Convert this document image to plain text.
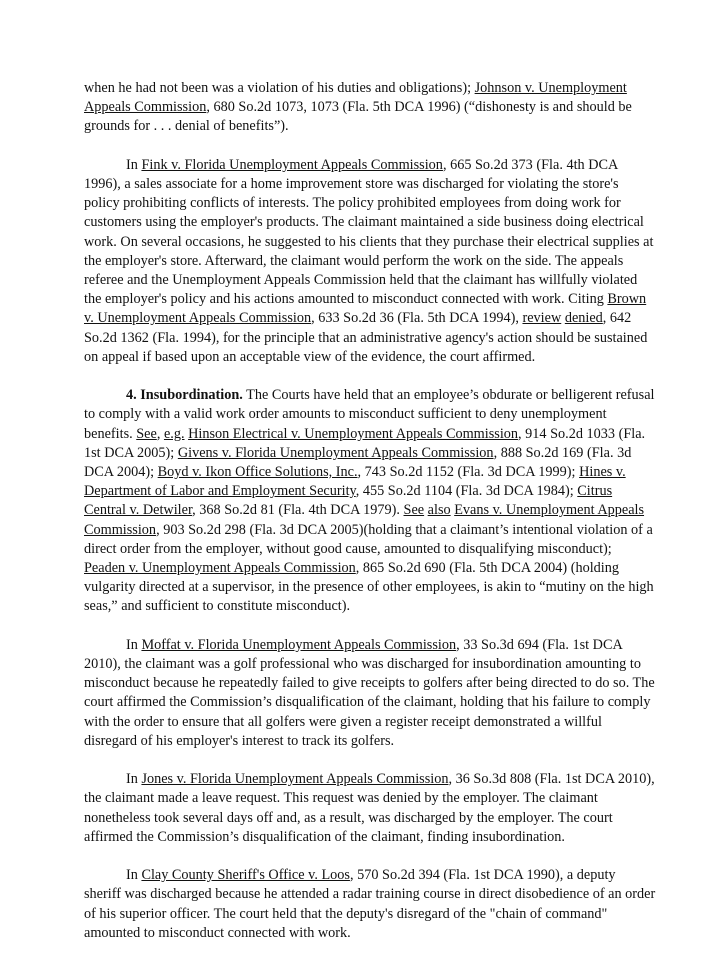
when he had not been was a violation of his duties and obligations); Johnson v. Unemployment Appeals Commission, 680 So.2d 1073, 1073 (Fla. 5th DCA 1996) (“dishonesty is and should be grounds for . . . denial of benefits”).

In Fink v. Florida Unemployment Appeals Commission, 665 So.2d 373 (Fla. 4th DCA 1996), a sales associate for a home improvement store was discharged for violating the store's policy prohibiting conflicts of interests. The policy prohibited employees from doing work for customers using the employer's products. The claimant maintained a side business doing electrical work. On several occasions, he suggested to his clients that they purchase their electrical supplies at the employer's store. Afterward, the claimant would perform the work on the side. The appeals referee and the Unemployment Appeals Commission held that the claimant has willfully violated the employer's policy and his actions amounted to misconduct connected with work. Citing Brown v. Unemployment Appeals Commission, 633 So.2d 36 (Fla. 5th DCA 1994), review denied, 642 So.2d 1362 (Fla. 1994), for the principle that an administrative agency's action should be sustained on appeal if based upon an acceptable view of the evidence, the court affirmed.

4. Insubordination. The Courts have held that an employee’s obdurate or belligerent refusal to comply with a valid work order amounts to misconduct sufficient to deny unemployment benefits. See, e.g. Hinson Electrical v. Unemployment Appeals Commission, 914 So.2d 1033 (Fla. 1st DCA 2005); Givens v. Florida Unemployment Appeals Commission, 888 So.2d 169 (Fla. 3d DCA 2004); Boyd v. Ikon Office Solutions, Inc., 743 So.2d 1152 (Fla. 3d DCA 1999); Hines v. Department of Labor and Employment Security, 455 So.2d 1104 (Fla. 3d DCA 1984); Citrus Central v. Detwiler, 368 So.2d 81 (Fla. 4th DCA 1979). See also Evans v. Unemployment Appeals Commission, 903 So.2d 298 (Fla. 3d DCA 2005)(holding that a claimant’s intentional violation of a direct order from the employer, without good cause, amounted to disqualifying misconduct); Peaden v. Unemployment Appeals Commission, 865 So.2d 690 (Fla. 5th DCA 2004) (holding vulgarity directed at a supervisor, in the presence of other employees, is akin to “mutiny on the high seas,” and sufficient to constitute misconduct).

In Moffat v. Florida Unemployment Appeals Commission, 33 So.3d 694 (Fla. 1st DCA 2010), the claimant was a golf professional who was discharged for insubordination amounting to misconduct because he repeatedly failed to give receipts to golfers after being directed to do so. The court affirmed the Commission’s disqualification of the claimant, holding that his failure to comply with the order to ensure that all golfers were given a register receipt demonstrated a willful disregard of his employer's interest to track its golfers.

In Jones v. Florida Unemployment Appeals Commission, 36 So.3d 808 (Fla. 1st DCA 2010), the claimant made a leave request. This request was denied by the employer. The claimant nonetheless took several days off and, as a result, was discharged by the employer. The court affirmed the Commission’s disqualification of the claimant, finding insubordination.

In Clay County Sheriff's Office v. Loos, 570 So.2d 394 (Fla. 1st DCA 1990), a deputy sheriff was discharged because he attended a radar training course in direct disobedience of an order of his superior officer. The court held that the deputy's disregard of the "chain of command" amounted to misconduct connected with work.
